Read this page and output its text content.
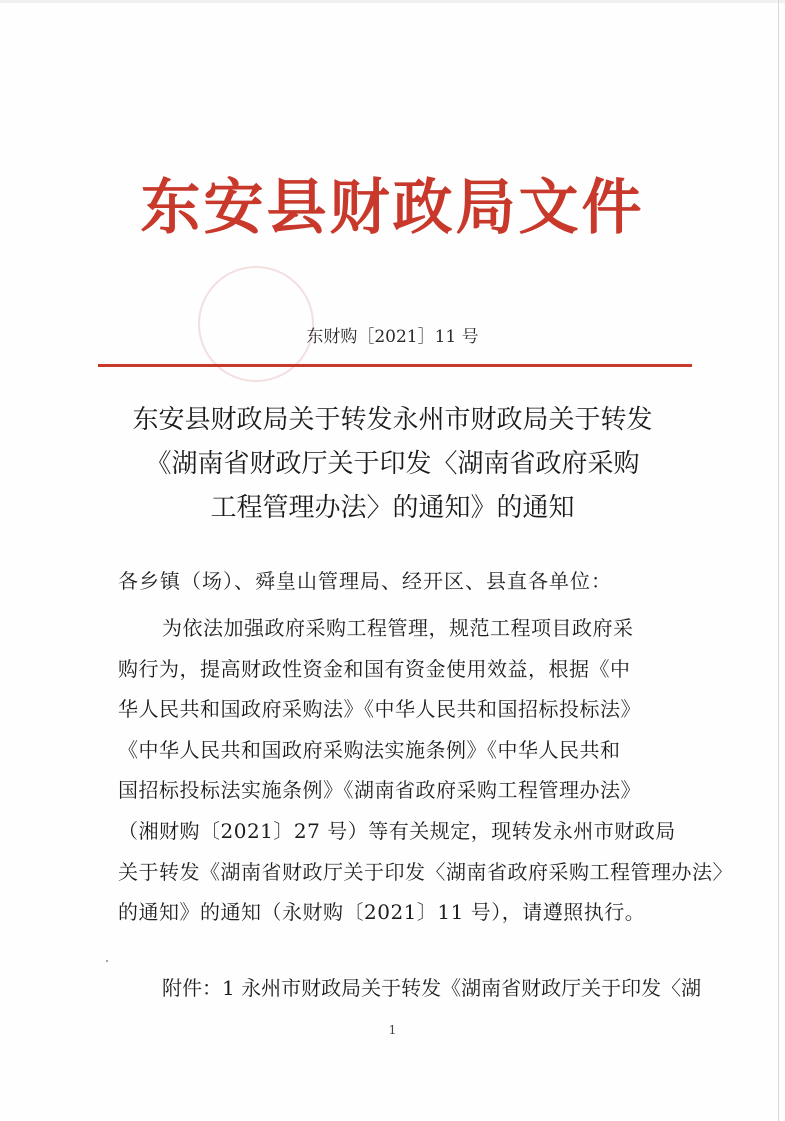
东安县财政局文件
东财购［2021］11 号
东安县财政局关于转发永州市财政局关于转发
《湖南省财政厅关于印发〈湖南省政府采购
工程管理办法〉的通知》的通知
各乡镇（场）、舜皇山管理局、经开区、县直各单位：
为依法加强政府采购工程管理，规范工程项目政府采
购行为，提高财政性资金和国有资金使用效益，根据《中
华人民共和国政府采购法》《中华人民共和国招标投标法》
《中华人民共和国政府采购法实施条例》《中华人民共和
国招标投标法实施条例》《湖南省政府采购工程管理办法》
（湘财购〔2021〕27 号）等有关规定，现转发永州市财政局
关于转发《湖南省财政厅关于印发〈湖南省政府采购工程管理办法〉
的通知》的通知（永财购〔2021〕11 号），请遵照执行。
附件：1 永州市财政局关于转发《湖南省财政厅关于印发〈湖
1
